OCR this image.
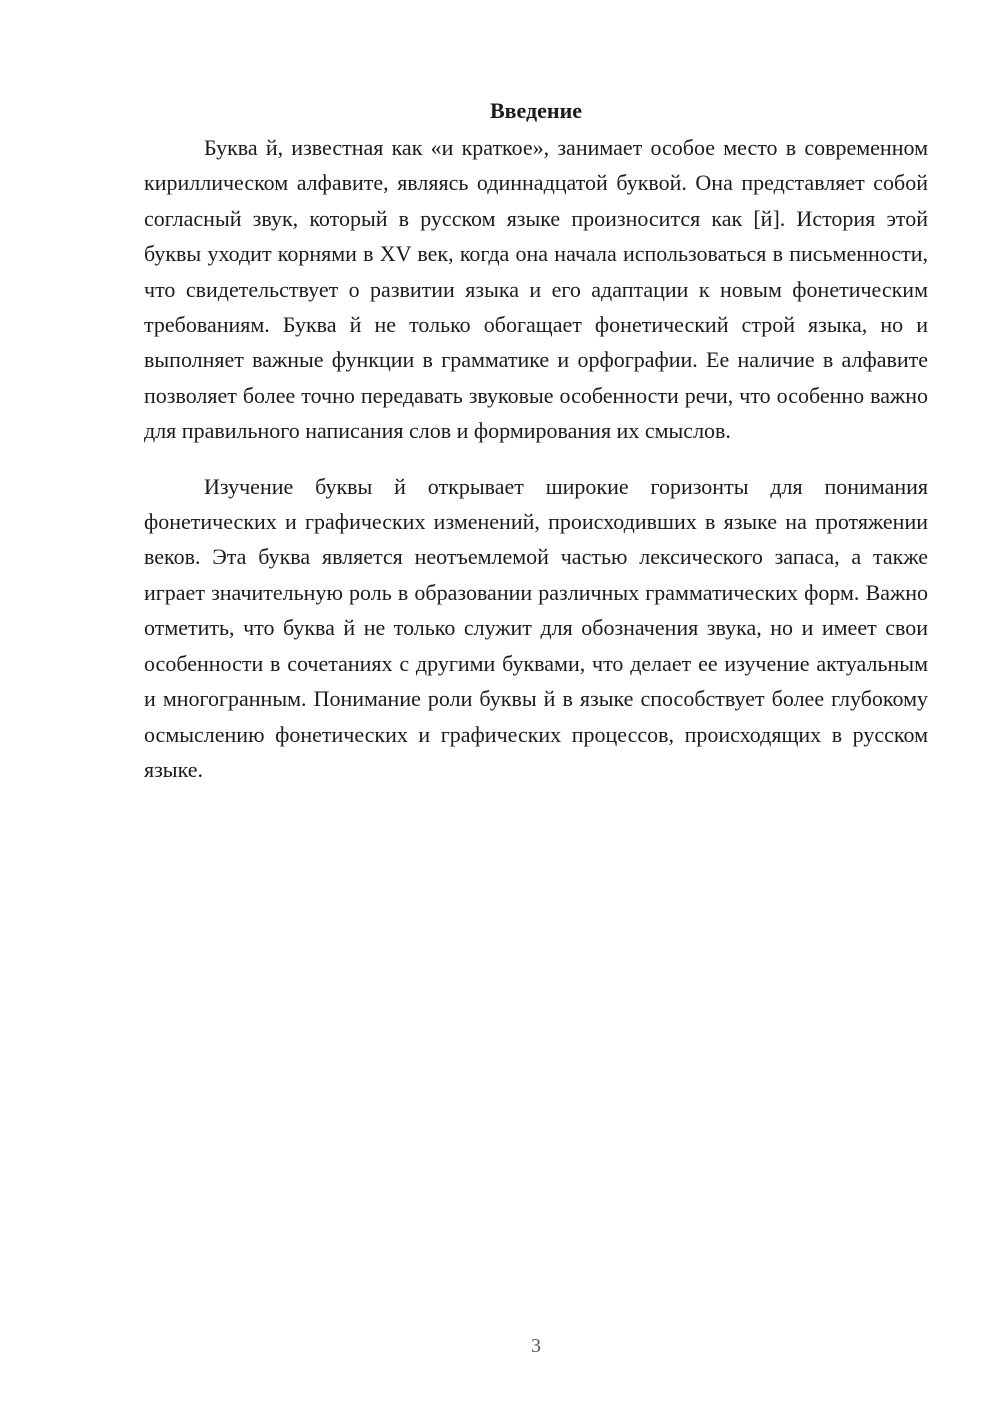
Введение

Буква й, известная как «и краткое», занимает особое место в современном кириллическом алфавите, являясь одиннадцатой буквой. Она представляет собой согласный звук, который в русском языке произносится как [й]. История этой буквы уходит корнями в XV век, когда она начала использоваться в письменности, что свидетельствует о развитии языка и его адаптации к новым фонетическим требованиям. Буква й не только обогащает фонетический строй языка, но и выполняет важные функции в грамматике и орфографии. Ее наличие в алфавите позволяет более точно передавать звуковые особенности речи, что особенно важно для правильного написания слов и формирования их смыслов.

Изучение буквы й открывает широкие горизонты для понимания фонетических и графических изменений, происходивших в языке на протяжении веков. Эта буква является неотъемлемой частью лексического запаса, а также играет значительную роль в образовании различных грамматических форм. Важно отметить, что буква й не только служит для обозначения звука, но и имеет свои особенности в сочетаниях с другими буквами, что делает ее изучение актуальным и многогранным. Понимание роли буквы й в языке способствует более глубокому осмыслению фонетических и графических процессов, происходящих в русском языке.

3
